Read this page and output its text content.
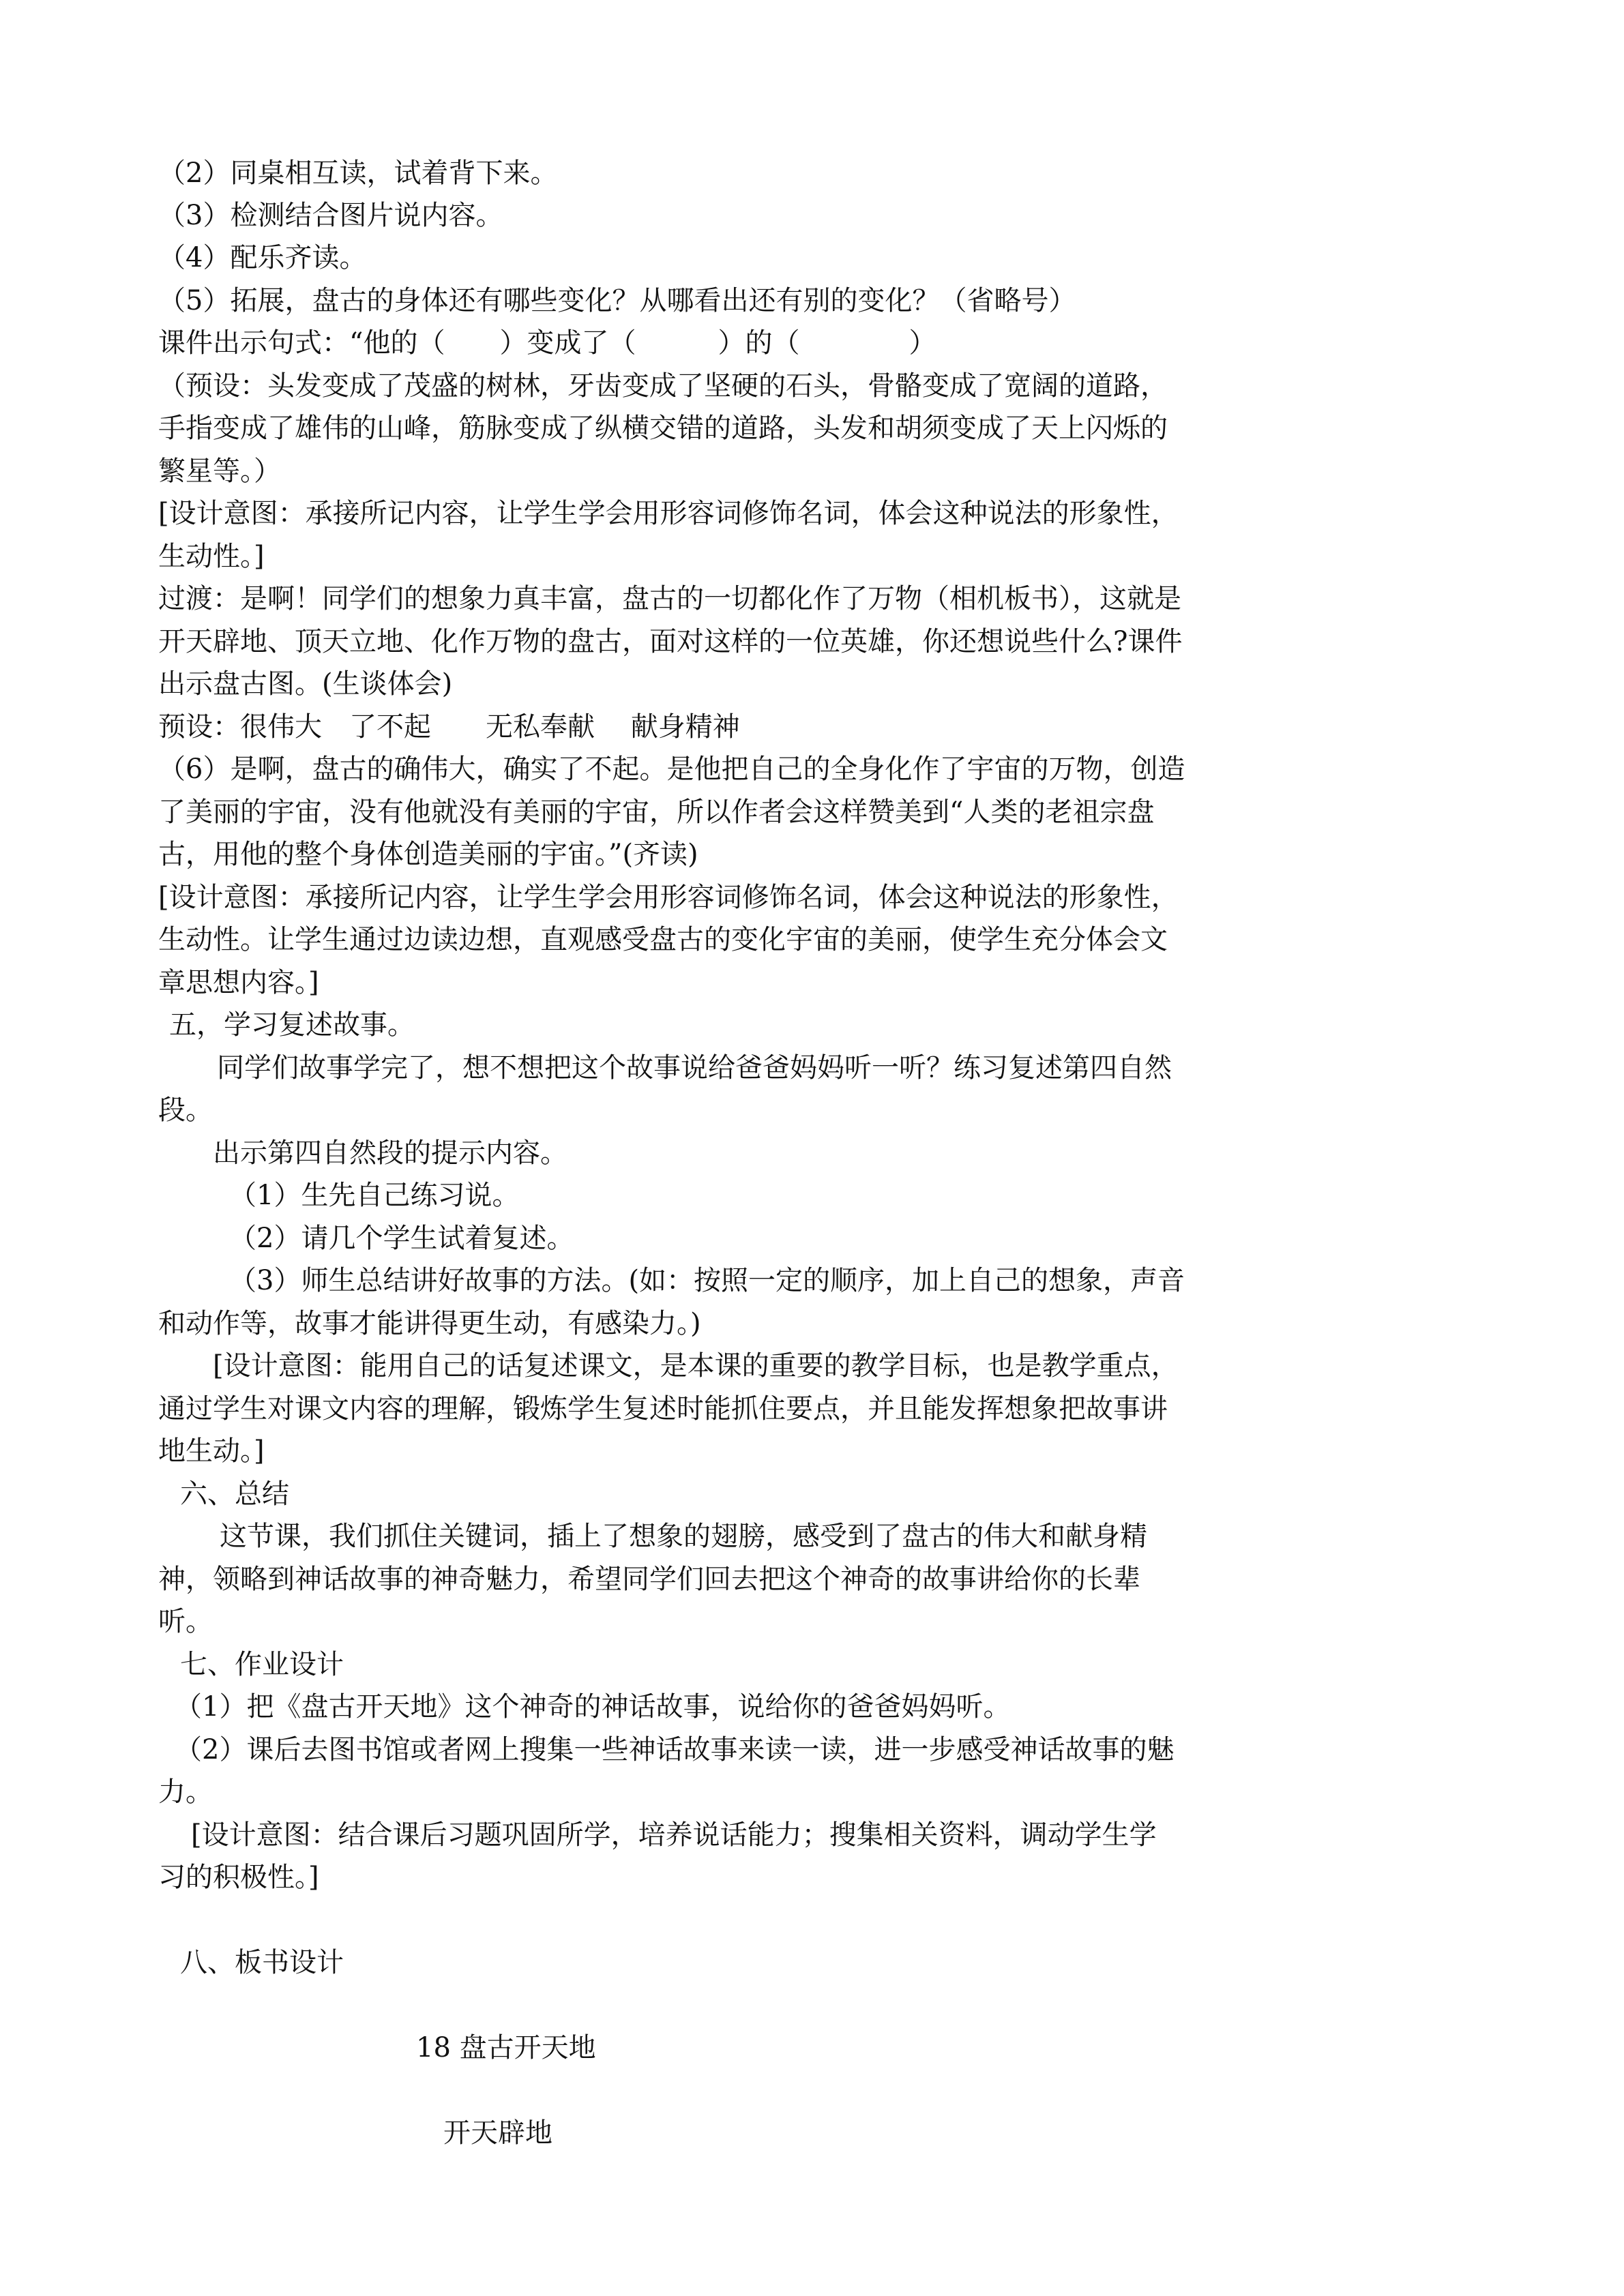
（2）同桌相互读，试着背下来。
（3）检测结合图片说内容。
（4）配乐齐读。
（5）拓展，盘古的身体还有哪些变化？从哪看出还有别的变化？（省略号）
课件出示句式：“他的（　　）变成了（　　　）的（　　　　）
（预设：头发变成了茂盛的树林，牙齿变成了坚硬的石头，骨骼变成了宽阔的道路，
手指变成了雄伟的山峰，筋脉变成了纵横交错的道路，头发和胡须变成了天上闪烁的
繁星等。）
[设计意图：承接所记内容，让学生学会用形容词修饰名词，体会这种说法的形象性，
生动性。]
过渡：是啊！同学们的想象力真丰富，盘古的一切都化作了万物（相机板书），这就是
开天辟地、顶天立地、化作万物的盘古，面对这样的一位英雄，你还想说些什么?课件
出示盘古图。(生谈体会)
预设：很伟大　了不起　　无私奉献　 献身精神
（6）是啊，盘古的确伟大，确实了不起。是他把自己的全身化作了宇宙的万物，创造
了美丽的宇宙，没有他就没有美丽的宇宙，所以作者会这样赞美到“人类的老祖宗盘
古，用他的整个身体创造美丽的宇宙。”(齐读)
[设计意图：承接所记内容，让学生学会用形容词修饰名词，体会这种说法的形象性，
生动性。让学生通过边读边想，直观感受盘古的变化宇宙的美丽，使学生充分体会文
章思想内容。]
五，学习复述故事。
同学们故事学完了，想不想把这个故事说给爸爸妈妈听一听？练习复述第四自然
段。
出示第四自然段的提示内容。
（1）生先自己练习说。
（2）请几个学生试着复述。
（3）师生总结讲好故事的方法。(如：按照一定的顺序，加上自己的想象，声音
和动作等，故事才能讲得更生动，有感染力。)
[设计意图：能用自己的话复述课文，是本课的重要的教学目标，也是教学重点，
通过学生对课文内容的理解，锻炼学生复述时能抓住要点，并且能发挥想象把故事讲
地生动。]
六、总结
这节课，我们抓住关键词，插上了想象的翅膀，感受到了盘古的伟大和献身精
神，领略到神话故事的神奇魅力，希望同学们回去把这个神奇的故事讲给你的长辈
听。
七、作业设计
（1）把《盘古开天地》这个神奇的神话故事，说给你的爸爸妈妈听。
（2）课后去图书馆或者网上搜集一些神话故事来读一读，进一步感受神话故事的魅
力。
[设计意图：结合课后习题巩固所学，培养说话能力；搜集相关资料，调动学生学
习的积极性。]
八、板书设计
18 盘古开天地
开天辟地
